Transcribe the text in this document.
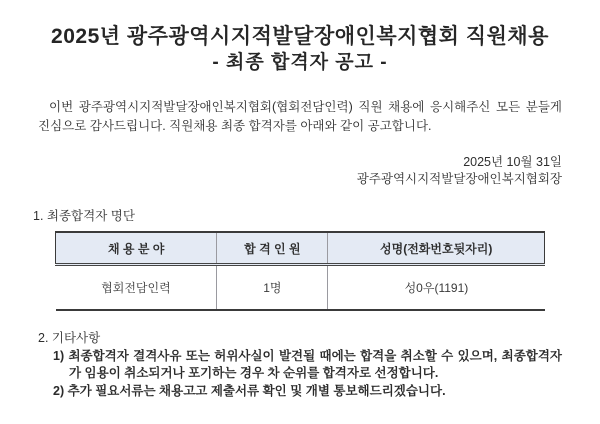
2025년 광주광역시지적발달장애인복지협회 직원채용
- 최종 합격자 공고 -

이번 광주광역시지적발달장애인복지협회(협회전담인력) 직원 채용에 응시해주신 모든 분들게 진심으로 감사드립니다. 직원채용 최종 합격자를 아래와 같이 공고합니다.

2025년 10월 31일
광주광역시지적발달장애인복지협회장
1. 최종합격자 명단
채 용 분 야	합 격 인 원	성명(전화번호뒷자리)
협회전담인력	1명	성0우(1191)
2. 기타사항
1) 최종합격자 결격사유 또는 허위사실이 발견될 때에는 합격을 취소할 수 있으며, 최종합격자가 임용이 취소되거나 포기하는 경우 차 순위를 합격자로 선정합니다.
2) 추가 필요서류는 채용고고 제출서류 확인 및 개별 통보해드리겠습니다.
